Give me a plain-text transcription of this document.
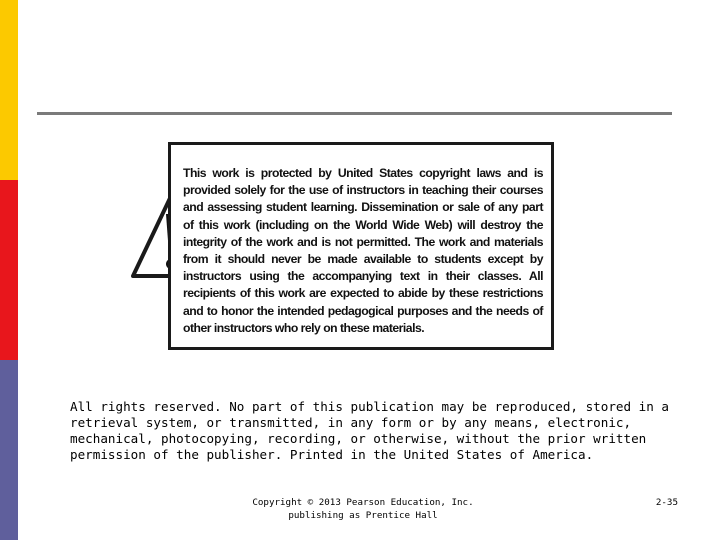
This work is protected by United States copyright laws and is provided solely for the use of instructors in teaching their courses and assessing student learning. Dissemination or sale of any part of this work (including on the World Wide Web) will destroy the integrity of the work and is not permitted. The work and materials from it should never be made available to students except by instructors using the accompanying text in their classes. All recipients of this work are expected to abide by these restrictions and to honor the intended pedagogical purposes and the needs of other instructors who rely on these materials.

All rights reserved. No part of this publication may be reproduced, stored in a retrieval system, or transmitted, in any form or by any means, electronic, mechanical, photocopying, recording, or otherwise, without the prior written permission of the publisher. Printed in the United States of America.

Copyright © 2013 Pearson Education, Inc.
publishing as Prentice Hall
2-35
